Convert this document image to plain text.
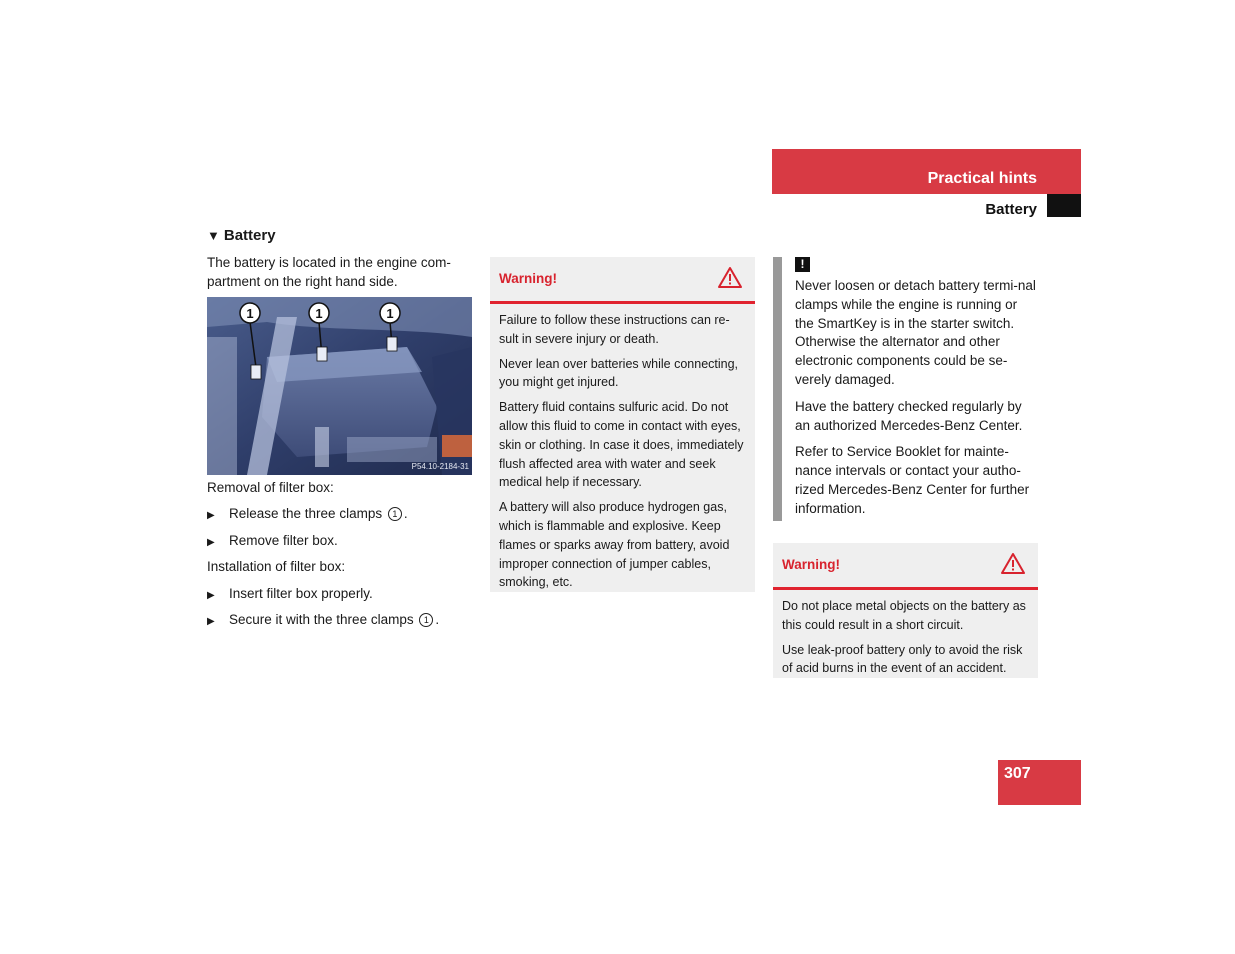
Practical hints
Battery
▼ Battery
The battery is located in the engine com-partment on the right hand side.
1	1	1
P54.10-2184-31
Removal of filter box:
▶	Release the three clamps 1 .
▶	Remove filter box.
Installation of filter box:
▶	Insert filter box properly.
▶	Secure it with the three clamps 1 .
Warning!

Failure to follow these instructions can re-sult in severe injury or death.

Never lean over batteries while connecting, you might get injured.

Battery fluid contains sulfuric acid. Do not allow this fluid to come in contact with eyes, skin or clothing. In case it does, immediately flush affected area with water and seek medical help if necessary.

A battery will also produce hydrogen gas, which is flammable and explosive. Keep flames or sparks away from battery, avoid improper connection of jumper cables, smoking, etc.

!

Never loosen or detach battery termi-nal clamps while the engine is running or the SmartKey is in the starter switch. Otherwise the alternator and other electronic components could be se-verely damaged.

Have the battery checked regularly by an authorized Mercedes-Benz Center.

Refer to Service Booklet for mainte-nance intervals or contact your autho-rized Mercedes-Benz Center for further information.

Warning!

Do not place metal objects on the battery as this could result in a short circuit.

Use leak-proof battery only to avoid the risk of acid burns in the event of an accident.

307
